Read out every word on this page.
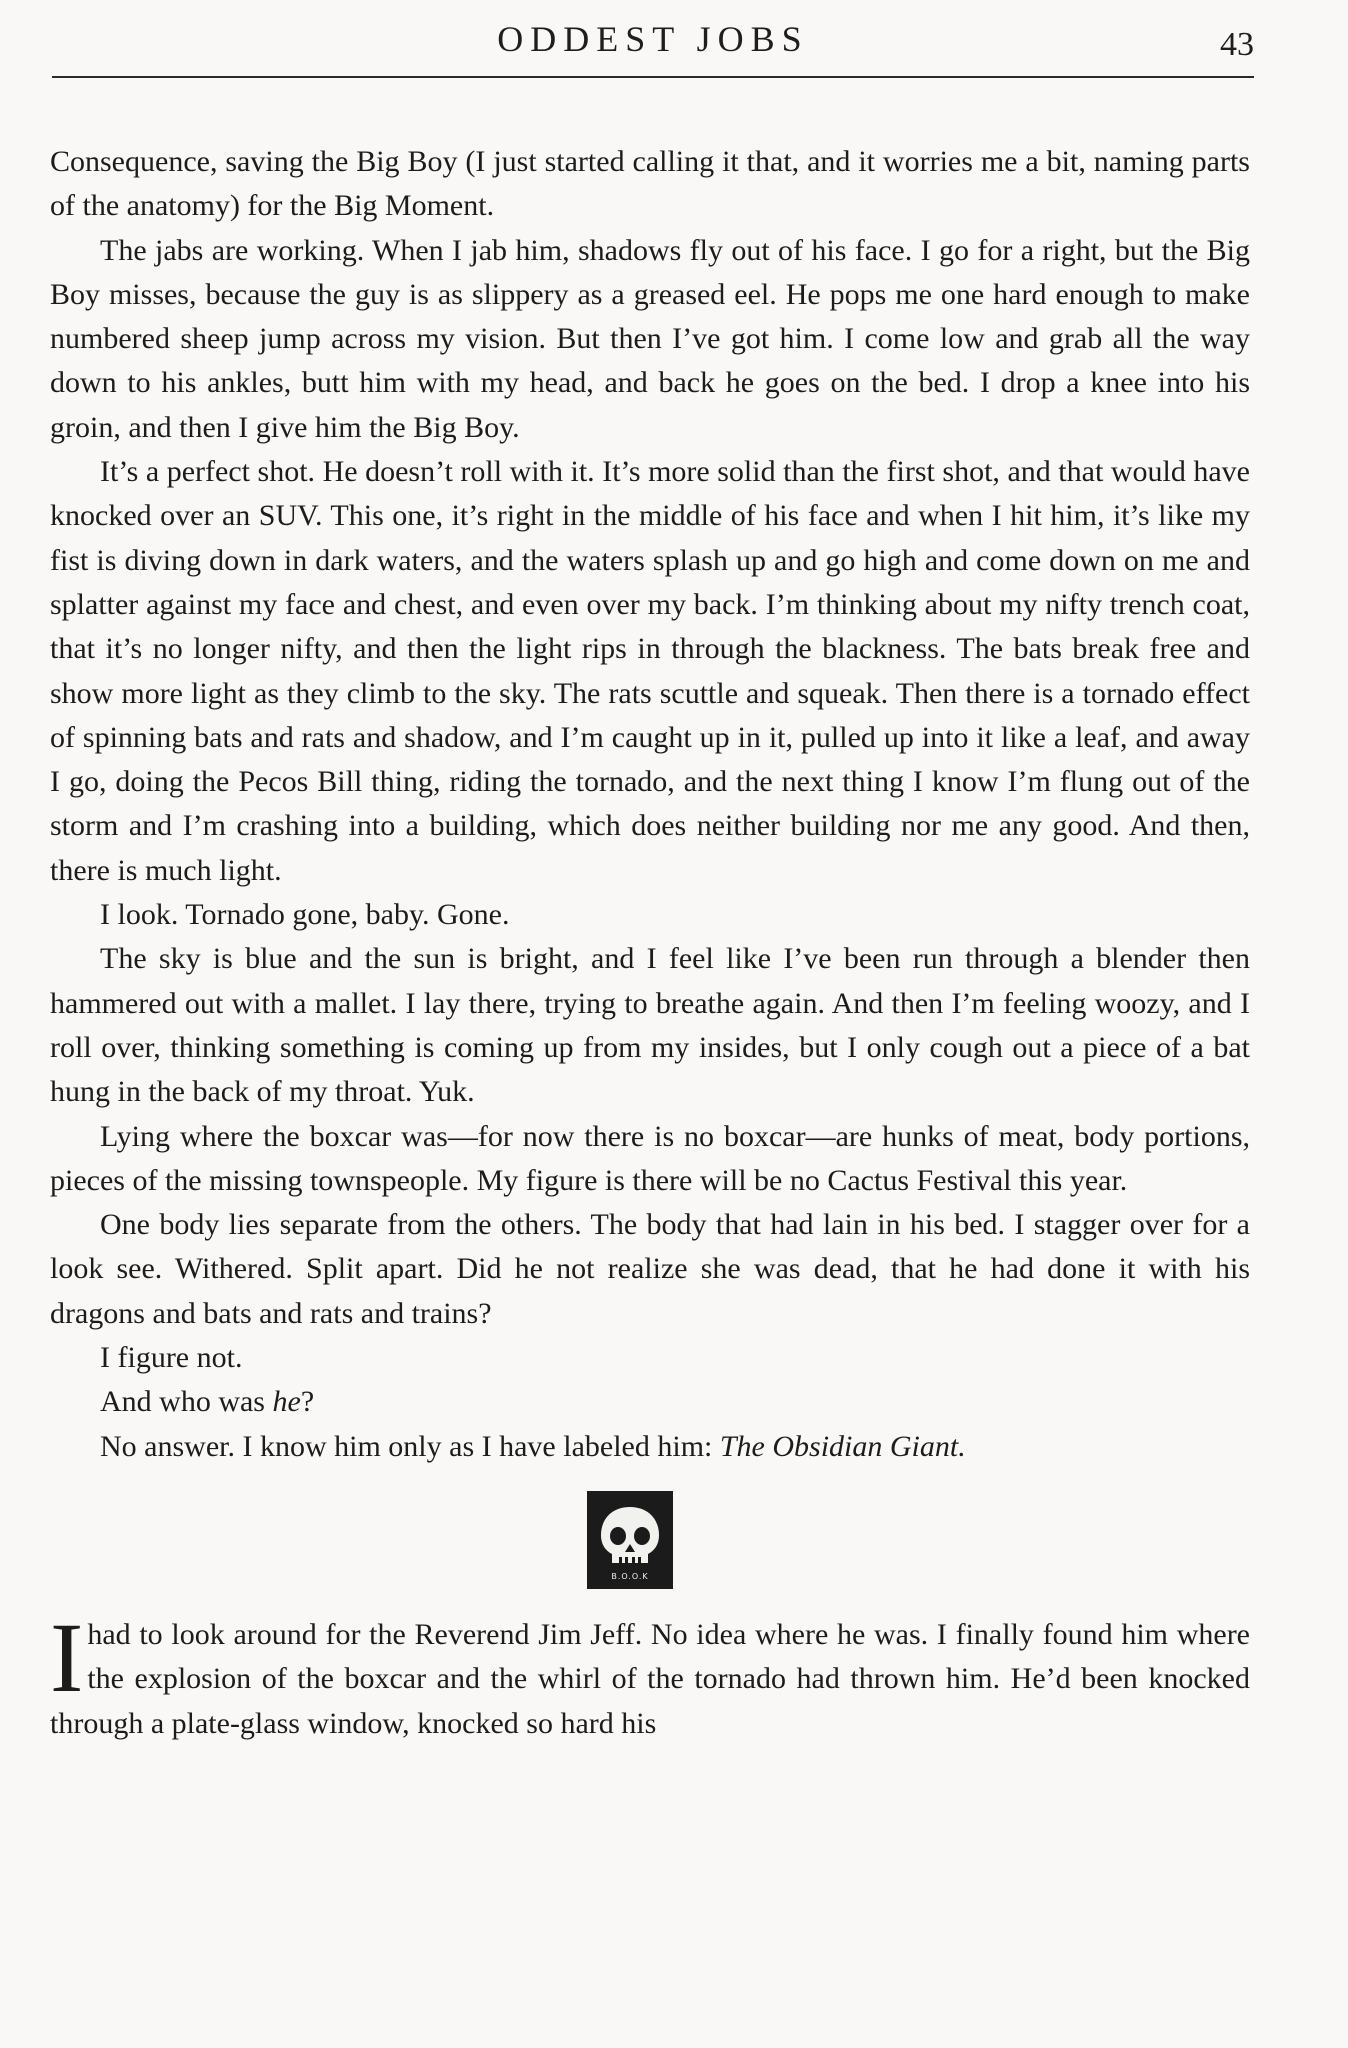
ODDEST JOBS	43

Consequence, saving the Big Boy (I just started calling it that, and it worries me a bit, naming parts of the anatomy) for the Big Moment.

The jabs are working. When I jab him, shadows fly out of his face. I go for a right, but the Big Boy misses, because the guy is as slippery as a greased eel. He pops me one hard enough to make numbered sheep jump across my vision. But then I’ve got him. I come low and grab all the way down to his ankles, butt him with my head, and back he goes on the bed. I drop a knee into his groin, and then I give him the Big Boy.

It’s a perfect shot. He doesn’t roll with it. It’s more solid than the first shot, and that would have knocked over an SUV. This one, it’s right in the middle of his face and when I hit him, it’s like my fist is diving down in dark waters, and the waters splash up and go high and come down on me and splatter against my face and chest, and even over my back. I’m thinking about my nifty trench coat, that it’s no longer nifty, and then the light rips in through the blackness. The bats break free and show more light as they climb to the sky. The rats scuttle and squeak. Then there is a tornado effect of spinning bats and rats and shadow, and I’m caught up in it, pulled up into it like a leaf, and away I go, doing the Pecos Bill thing, riding the tornado, and the next thing I know I’m flung out of the storm and I’m crashing into a building, which does neither building nor me any good. And then, there is much light.

I look. Tornado gone, baby. Gone.

The sky is blue and the sun is bright, and I feel like I’ve been run through a blender then hammered out with a mallet. I lay there, trying to breathe again. And then I’m feeling woozy, and I roll over, thinking something is coming up from my insides, but I only cough out a piece of a bat hung in the back of my throat. Yuk.

Lying where the boxcar was—for now there is no boxcar—are hunks of meat, body portions, pieces of the missing townspeople. My figure is there will be no Cactus Festival this year.

One body lies separate from the others. The body that had lain in his bed. I stagger over for a look see. Withered. Split apart. Did he not realize she was dead, that he had done it with his dragons and bats and rats and trains?

I figure not.

And who was he?

No answer. I know him only as I have labeled him: The Obsidian Giant.

B.O.O.K

Ihad to look around for the Reverend Jim Jeff. No idea where he was. I finally found him where the explosion of the boxcar and the whirl of the tornado had thrown him. He’d been knocked through a plate-glass window, knocked so hard his
